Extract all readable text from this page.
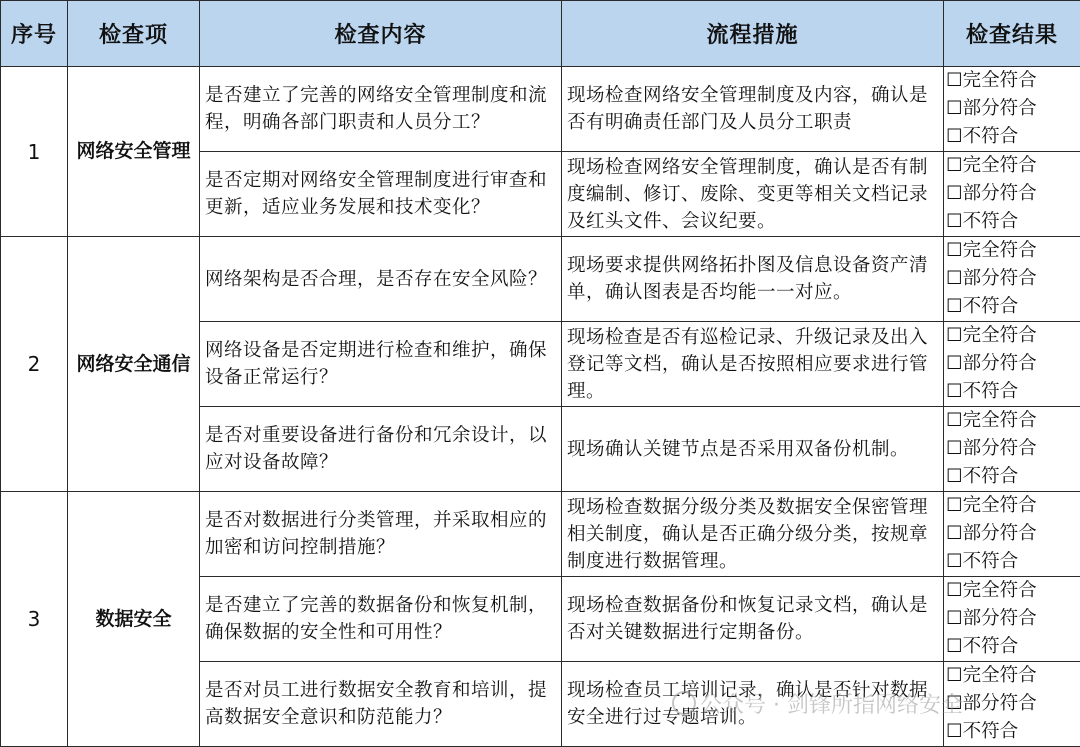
序号	检查项	检查内容	流程措施	检查结果
1	网络安全管理	是否建立了完善的网络安全管理制度和流程，明确各部门职责和人员分工？	现场检查网络安全管理制度及内容，确认是否有明确责任部门及人员分工职责	☐完全符合
☐部分符合
☐不符合

		是否定期对网络安全管理制度进行审查和更新，适应业务发展和技术变化？	现场检查网络安全管理制度，确认是否有制度编制、修订、废除、变更等相关文档记录及红头文件、会议纪要。	☐完全符合
☐部分符合
☐不符合

2	网络安全通信	网络架构是否合理，是否存在安全风险？	现场要求提供网络拓扑图及信息设备资产清单，确认图表是否均能一一对应。	☐完全符合
☐部分符合
☐不符合

		网络设备是否定期进行检查和维护，确保设备正常运行？	现场检查是否有巡检记录、升级记录及出入登记等文档，确认是否按照相应要求进行管理。	☐完全符合
☐部分符合
☐不符合

		是否对重要设备进行备份和冗余设计，以应对设备故障？	现场确认关键节点是否采用双备份机制。	☐完全符合
☐部分符合
☐不符合

3	数据安全	是否对数据进行分类管理，并采取相应的加密和访问控制措施？	现场检查数据分级分类及数据安全保密管理相关制度，确认是否正确分级分类，按规章制度进行数据管理。	☐完全符合
☐部分符合
☐不符合

		是否建立了完善的数据备份和恢复机制，确保数据的安全性和可用性？	现场检查数据备份和恢复记录文档，确认是否对关键数据进行定期备份。	☐完全符合
☐部分符合
☐不符合

		是否对员工进行数据安全教育和培训，提高数据安全意识和防范能力？	现场检查员工培训记录，确认是否针对数据安全进行过专题培训。	☐完全符合
☐部分符合
☐不符合
公众号 · 剑锋所指网络安全
